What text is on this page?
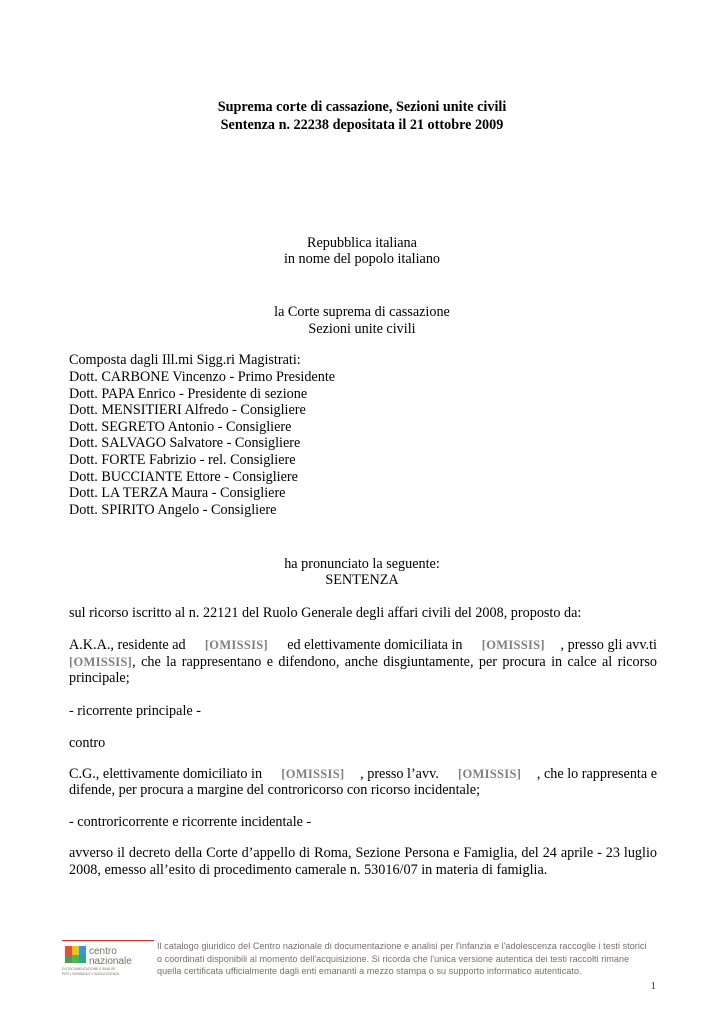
Suprema corte di cassazione, Sezioni unite civili
Sentenza n. 22238 depositata il 21 ottobre 2009
Repubblica italiana
in nome del popolo italiano
la Corte suprema di cassazione
Sezioni unite civili
Composta dagli Ill.mi Sigg.ri Magistrati:
Dott. CARBONE Vincenzo - Primo Presidente
Dott. PAPA Enrico - Presidente di sezione
Dott. MENSITIERI Alfredo - Consigliere
Dott. SEGRETO Antonio - Consigliere
Dott. SALVAGO Salvatore - Consigliere
Dott. FORTE Fabrizio - rel. Consigliere
Dott. BUCCIANTE Ettore - Consigliere
Dott. LA TERZA Maura - Consigliere
Dott. SPIRITO Angelo - Consigliere
ha pronunciato la seguente:
SENTENZA
sul ricorso iscritto al n. 22121 del Ruolo Generale degli affari civili del 2008, proposto da:
A.K.A., residente ad [OMISSIS] ed elettivamente domiciliata in [OMISSIS] , presso gli avv.ti
[OMISSIS], che la rappresentano e difendono, anche disgiuntamente, per procura in calce al ricorso principale;
- ricorrente principale -
contro
C.G., elettivamente domiciliato in [OMISSIS] , presso l’avv. [OMISSIS] , che lo rappresenta e
difende, per procura a margine del controricorso con ricorso incidentale;
- controricorrente e ricorrente incidentale -
avverso il decreto della Corte d’appello di Roma, Sezione Persona e Famiglia, del 24 aprile - 23 luglio 2008, emesso all’esito di procedimento camerale n. 53016/07 in materia di famiglia.
centro
nazionale
DI DOCUMENTAZIONE E ANALISI
PER L'INFANZIA E L'ADOLESCENZA
Il catalogo giuridico del Centro nazionale di documentazione e analisi per l'infanzia e l'adolescenza raccoglie i testi storici
o coordinati disponibili al momento dell'acquisizione. Si ricorda che l'unica versione autentica dei testi raccolti rimane
quella certificata ufficialmente dagli enti emananti a mezzo stampa o su supporto informatico autenticato.
1
